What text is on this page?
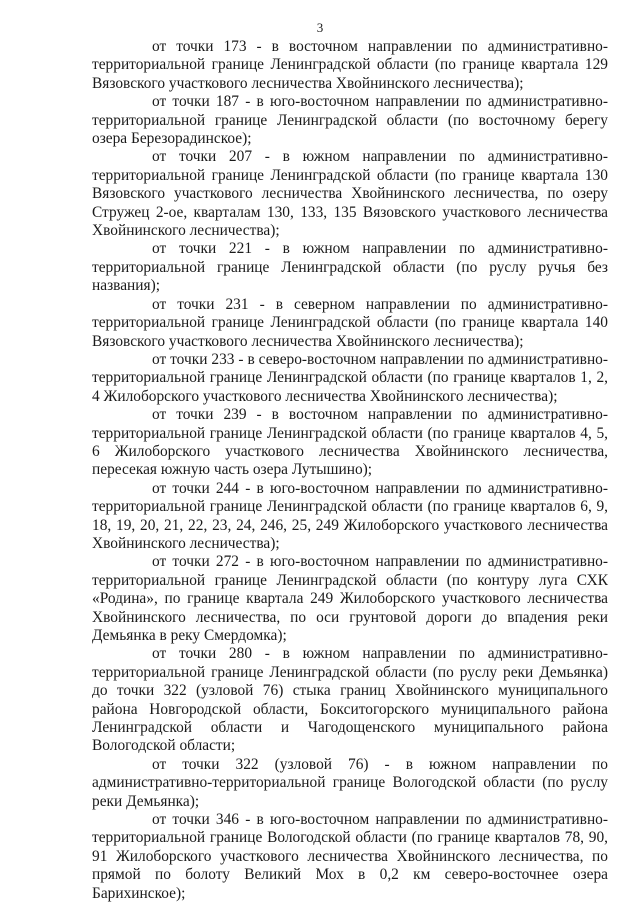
3

от точки 173 - в восточном направлении по административно-территориальной границе Ленинградской области (по границе квартала 129 Вязовского участкового лесничества Хвойнинского лесничества);

от точки 187 - в юго-восточном направлении по административно-территориальной границе Ленинградской области (по восточному берегу озера Березорадинское);

от точки 207 - в южном направлении по административно-территориальной границе Ленинградской области (по границе квартала 130 Вязовского участкового лесничества Хвойнинского лесничества, по озеру Стружец 2-ое, кварталам 130, 133, 135 Вязовского участкового лесничества Хвойнинского лесничества);

от точки 221 - в южном направлении по административно-территориальной границе Ленинградской области (по руслу ручья без названия);

от точки 231 - в северном направлении по административно-территориальной границе Ленинградской области (по границе квартала 140 Вязовского участкового лесничества Хвойнинского лесничества);

от точки 233 - в северо-восточном направлении по административно-территориальной границе Ленинградской области (по границе кварталов 1, 2, 4 Жилоборского участкового лесничества Хвойнинского лесничества);

от точки 239 - в восточном направлении по административно-территориальной границе Ленинградской области (по границе кварталов 4, 5, 6 Жилоборского участкового лесничества Хвойнинского лесничества, пересекая южную часть озера Лутышино);

от точки 244 - в юго-восточном направлении по административно-территориальной границе Ленинградской области (по границе кварталов 6, 9, 18, 19, 20, 21, 22, 23, 24, 246, 25, 249 Жилоборского участкового лесничества Хвойнинского лесничества);

от точки 272 - в юго-восточном направлении по административно-территориальной границе Ленинградской области (по контуру луга СХК «Родина», по границе квартала 249 Жилоборского участкового лесничества Хвойнинского лесничества, по оси грунтовой дороги до впадения реки Демьянка в реку Смердомка);

от точки 280 - в южном направлении по административно-территориальной границе Ленинградской области (по руслу реки Демьянка) до точки 322 (узловой 76) стыка границ Хвойнинского муниципального района Новгородской области, Бокситогорского муниципального района Ленинградской области и Чагодощенского муниципального района Вологодской области;

от точки 322 (узловой 76) - в южном направлении по административно-территориальной границе Вологодской области (по руслу реки Демьянка);

от точки 346 - в юго-восточном направлении по административно-территориальной границе Вологодской области (по границе кварталов 78, 90, 91 Жилоборского участкового лесничества Хвойнинского лесничества, по прямой по болоту Великий Мох в 0,2 км северо-восточнее озера Барихинское);
